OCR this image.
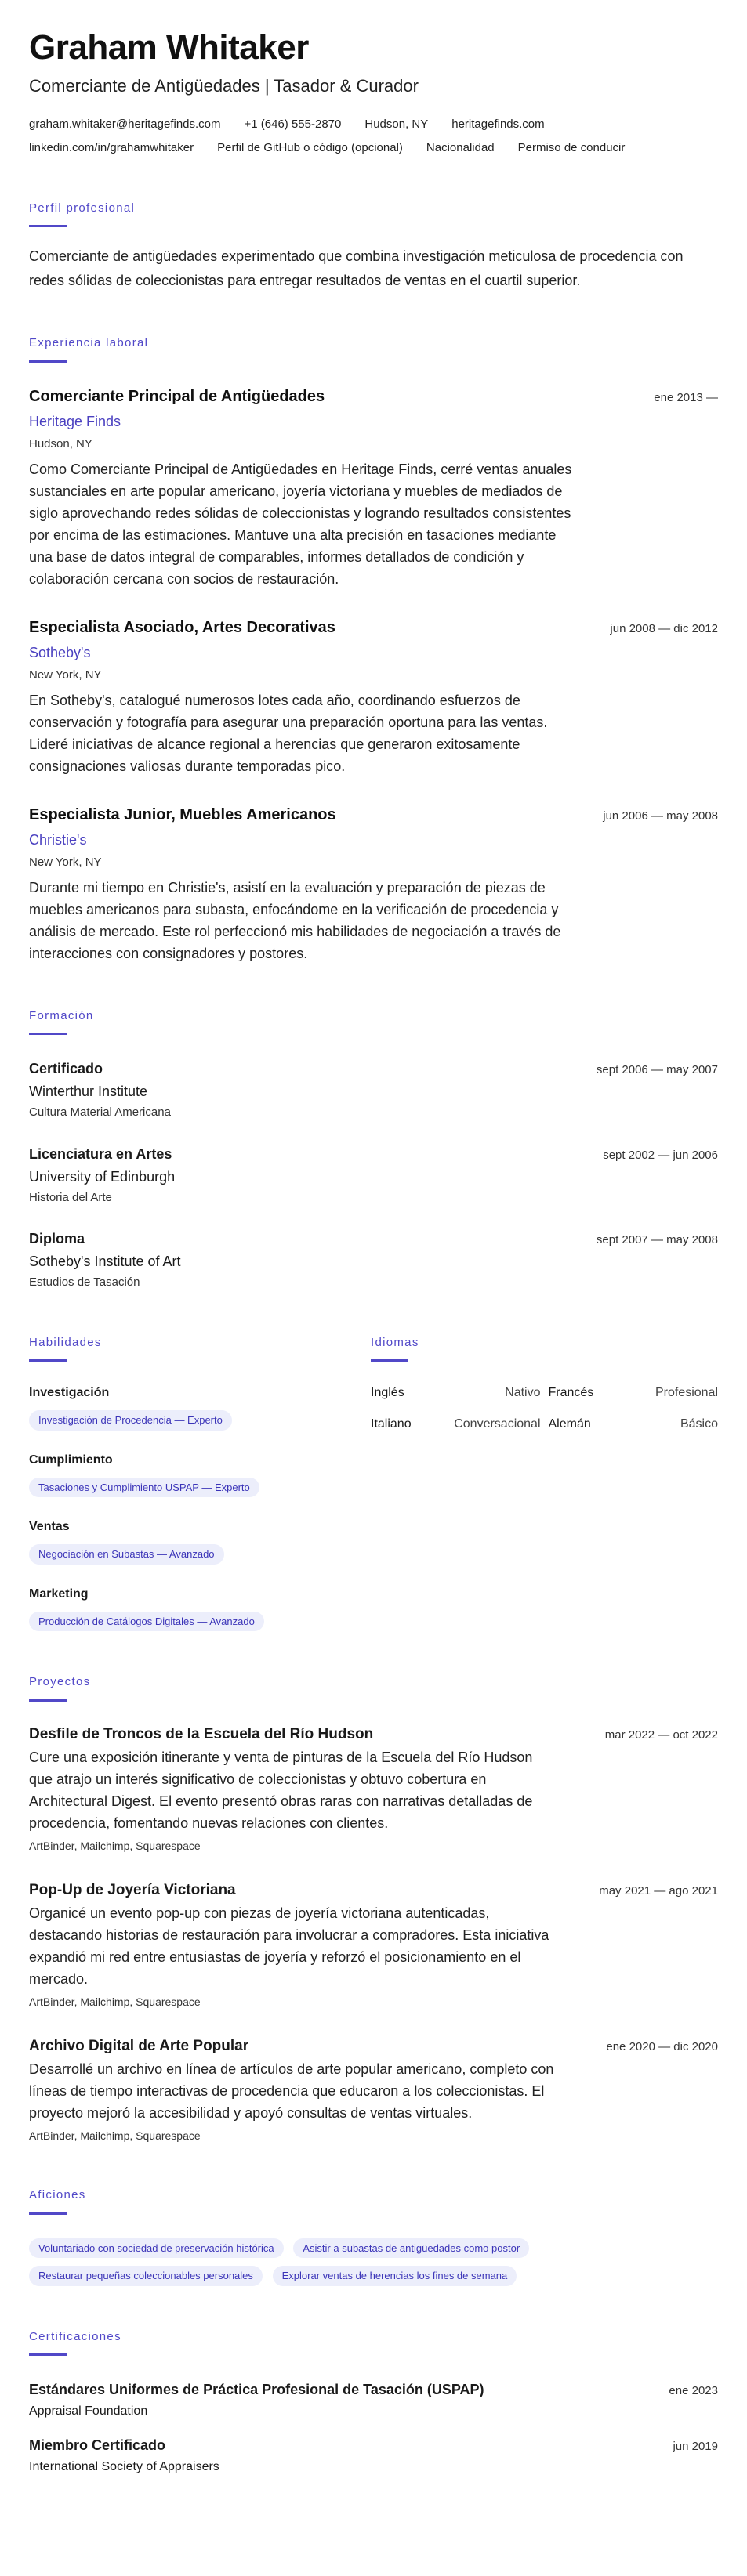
Graham Whitaker
Comerciante de Antigüedades | Tasador & Curador
graham.whitaker@heritagefinds.com +1 (646) 555-2870 Hudson, NY heritagefinds.com
linkedin.com/in/grahamwhitaker Perfil de GitHub o código (opcional) Nacionalidad Permiso de conducir
Perfil profesional

Comerciante de antigüedades experimentado que combina investigación meticulosa de procedencia con redes sólidas de coleccionistas para entregar resultados de ventas en el cuartil superior.

Experiencia laboral
Comerciante Principal de Antigüedades	ene 2013 —
Heritage Finds
Hudson, NY

Como Comerciante Principal de Antigüedades en Heritage Finds, cerré ventas anuales sustanciales en arte popular americano, joyería victoriana y muebles de mediados de siglo aprovechando redes sólidas de coleccionistas y logrando resultados consistentes por encima de las estimaciones. Mantuve una alta precisión en tasaciones mediante una base de datos integral de comparables, informes detallados de condición y colaboración cercana con socios de restauración.

Especialista Asociado, Artes Decorativas	jun 2008 — dic 2012
Sotheby's
New York, NY

En Sotheby's, catalogué numerosos lotes cada año, coordinando esfuerzos de conservación y fotografía para asegurar una preparación oportuna para las ventas. Lideré iniciativas de alcance regional a herencias que generaron exitosamente consignaciones valiosas durante temporadas pico.

Especialista Junior, Muebles Americanos	jun 2006 — may 2008
Christie's
New York, NY

Durante mi tiempo en Christie's, asistí en la evaluación y preparación de piezas de muebles americanos para subasta, enfocándome en la verificación de procedencia y análisis de mercado. Este rol perfeccionó mis habilidades de negociación a través de interacciones con consignadores y postores.

Formación
Certificado	sept 2006 — may 2007
Winterthur Institute
Cultura Material Americana
Licenciatura en Artes	sept 2002 — jun 2006
University of Edinburgh
Historia del Arte
Diploma	sept 2007 — may 2008
Sotheby's Institute of Art
Estudios de Tasación
Habilidades
Investigación
Investigación de Procedencia — Experto
Cumplimiento
Tasaciones y Cumplimiento USPAP — Experto
Ventas
Negociación en Subastas — Avanzado
Marketing
Producción de Catálogos Digitales — Avanzado
Idiomas
Inglés	Nativo Francés	Profesional
Italiano	Conversacional Alemán	Básico
Proyectos
Desfile de Troncos de la Escuela del Río Hudson	mar 2022 — oct 2022

Cure una exposición itinerante y venta de pinturas de la Escuela del Río Hudson que atrajo un interés significativo de coleccionistas y obtuvo cobertura en Architectural Digest. El evento presentó obras raras con narrativas detalladas de procedencia, fomentando nuevas relaciones con clientes.

ArtBinder, Mailchimp, Squarespace
Pop-Up de Joyería Victoriana	may 2021 — ago 2021

Organicé un evento pop-up con piezas de joyería victoriana autenticadas, destacando historias de restauración para involucrar a compradores. Esta iniciativa expandió mi red entre entusiastas de joyería y reforzó el posicionamiento en el mercado.

ArtBinder, Mailchimp, Squarespace
Archivo Digital de Arte Popular	ene 2020 — dic 2020

Desarrollé un archivo en línea de artículos de arte popular americano, completo con líneas de tiempo interactivas de procedencia que educaron a los coleccionistas. El proyecto mejoró la accesibilidad y apoyó consultas de ventas virtuales.

ArtBinder, Mailchimp, Squarespace
Aficiones
Voluntariado con sociedad de preservación histórica	Asistir a subastas de antigüedades como postor Restaurar pequeñas coleccionables personales	Explorar ventas de herencias los fines de semana
Certificaciones
Estándares Uniformes de Práctica Profesional de Tasación (USPAP)	ene 2023
Appraisal Foundation
Miembro Certificado	jun 2019
International Society of Appraisers
